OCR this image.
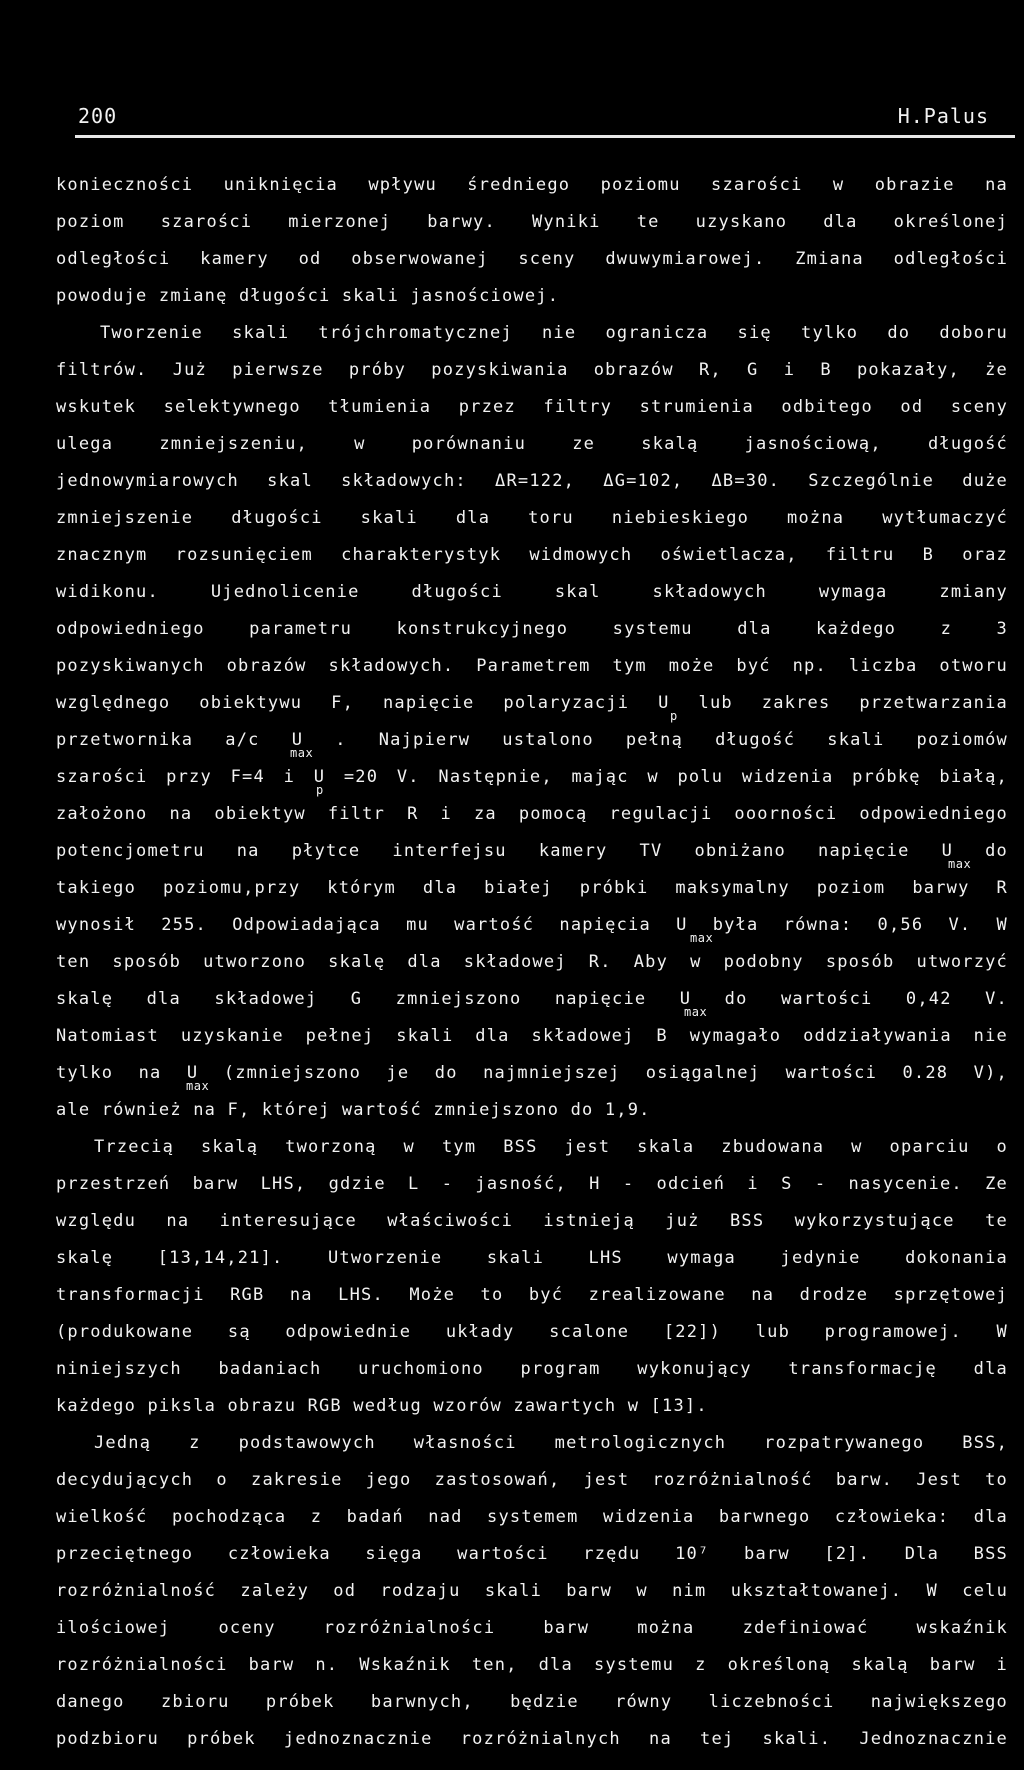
200	H.Palus
konieczności uniknięcia wpływu średniego poziomu szarości w obrazie na
poziom szarości mierzonej barwy. Wyniki te uzyskano dla określonej
odległości kamery od obserwowanej sceny dwuwymiarowej. Zmiana odległości
powoduje zmianę długości skali jasnościowej.
Tworzenie skali trójchromatycznej nie ogranicza się tylko do doboru
filtrów. Już pierwsze próby pozyskiwania obrazów R, G i B pokazały, że
wskutek selektywnego tłumienia przez filtry strumienia odbitego od sceny
ulega zmniejszeniu, w porównaniu ze skalą jasnościową, długość
jednowymiarowych skal składowych: ΔR=122, ΔG=102, ΔB=30. Szczególnie duże
zmniejszenie długości skali dla toru niebieskiego można wytłumaczyć
znacznym rozsunięciem charakterystyk widmowych oświetlacza, filtru B oraz
widikonu. Ujednolicenie długości skal składowych wymaga zmiany
odpowiedniego parametru konstrukcyjnego systemu dla każdego z 3
pozyskiwanych obrazów składowych. Parametrem tym może być np. liczba otworu
względnego obiektywu F, napięcie polaryzacji U lub zakres przetwarzania
przetwornika a/c U . Najpierw ustalono pełną długość skali poziomów
szarości przy F=4 i U =20 V. Następnie, mając w polu widzenia próbkę białą,
założono na obiektyw filtr R i za pomocą regulacji ooorności odpowiedniego
potencjometru na płytce interfejsu kamery TV obniżano napięcie U do
takiego poziomu,przy którym dla białej próbki maksymalny poziom barwy R
wynosił 255. Odpowiadająca mu wartość napięcia U była równa: 0,56 V. W
ten sposób utworzono skalę dla składowej R. Aby w podobny sposób utworzyć
skalę dla składowej G zmniejszono napięcie U do wartości 0,42 V.
Natomiast uzyskanie pełnej skali dla składowej B wymagało oddziaływania nie
tylko na U (zmniejszono je do najmniejszej osiągalnej wartości 0.28 V),
ale również na F, której wartość zmniejszono do 1,9.
Trzecią skalą tworzoną w tym BSS jest skala zbudowana w oparciu o
przestrzeń barw LHS, gdzie L - jasność, H - odcień i S - nasycenie. Ze
względu na interesujące właściwości istnieją już BSS wykorzystujące te
skalę [13,14,21]. Utworzenie skali LHS wymaga jedynie dokonania
transformacji RGB na LHS. Może to być zrealizowane na drodze sprzętowej
(produkowane są odpowiednie układy scalone [22]) lub programowej. W
niniejszych badaniach uruchomiono program wykonujący transformację dla
każdego piksla obrazu RGB według wzorów zawartych w [13].
Jedną z podstawowych własności metrologicznych rozpatrywanego BSS,
decydujących o zakresie jego zastosowań, jest rozróżnialność barw. Jest to
wielkość pochodząca z badań nad systemem widzenia barwnego człowieka: dla
przeciętnego człowieka sięga wartości rzędu 10⁷ barw [2]. Dla BSS
rozróżnialność zależy od rodzaju skali barw w nim ukształtowanej. W celu
ilościowej oceny rozróżnialności barw można zdefiniować wskaźnik
rozróżnialności barw n. Wskaźnik ten, dla systemu z określoną skalą barw i
danego zbioru próbek barwnych, będzie równy liczebności największego
podzbioru próbek jednoznacznie rozróżnialnych na tej skali. Jednoznacznie
p
max
p
max
max
max
max
